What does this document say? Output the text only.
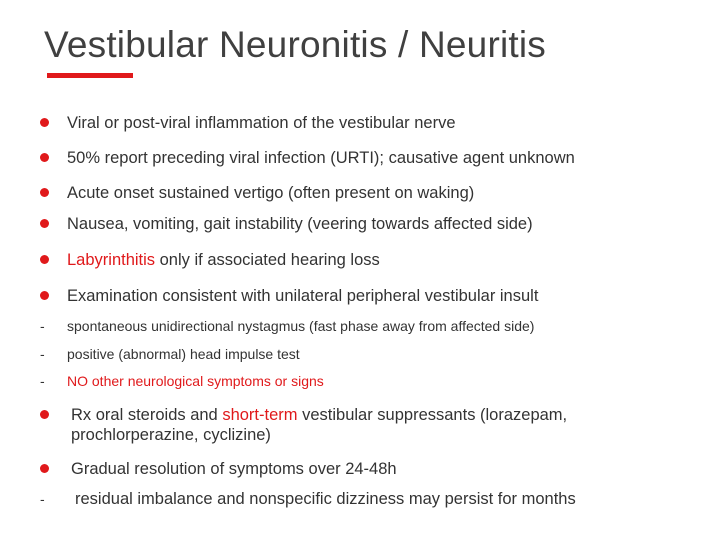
Vestibular Neuronitis / Neuritis
Viral or post-viral inflammation of the vestibular nerve
50% report preceding viral infection (URTI); causative agent unknown
Acute onset sustained vertigo (often present on waking)
Nausea, vomiting, gait instability (veering towards affected side)
Labyrinthitis only if associated hearing loss
Examination consistent with unilateral peripheral vestibular insult
- spontaneous unidirectional nystagmus (fast phase away from affected side)
- positive (abnormal) head impulse test
- NO other neurological symptoms or signs
Rx oral steroids and short-term vestibular suppressants (lorazepam, prochlorperazine, cyclizine)
Gradual resolution of symptoms over 24-48h
- residual imbalance and nonspecific dizziness may persist for months
